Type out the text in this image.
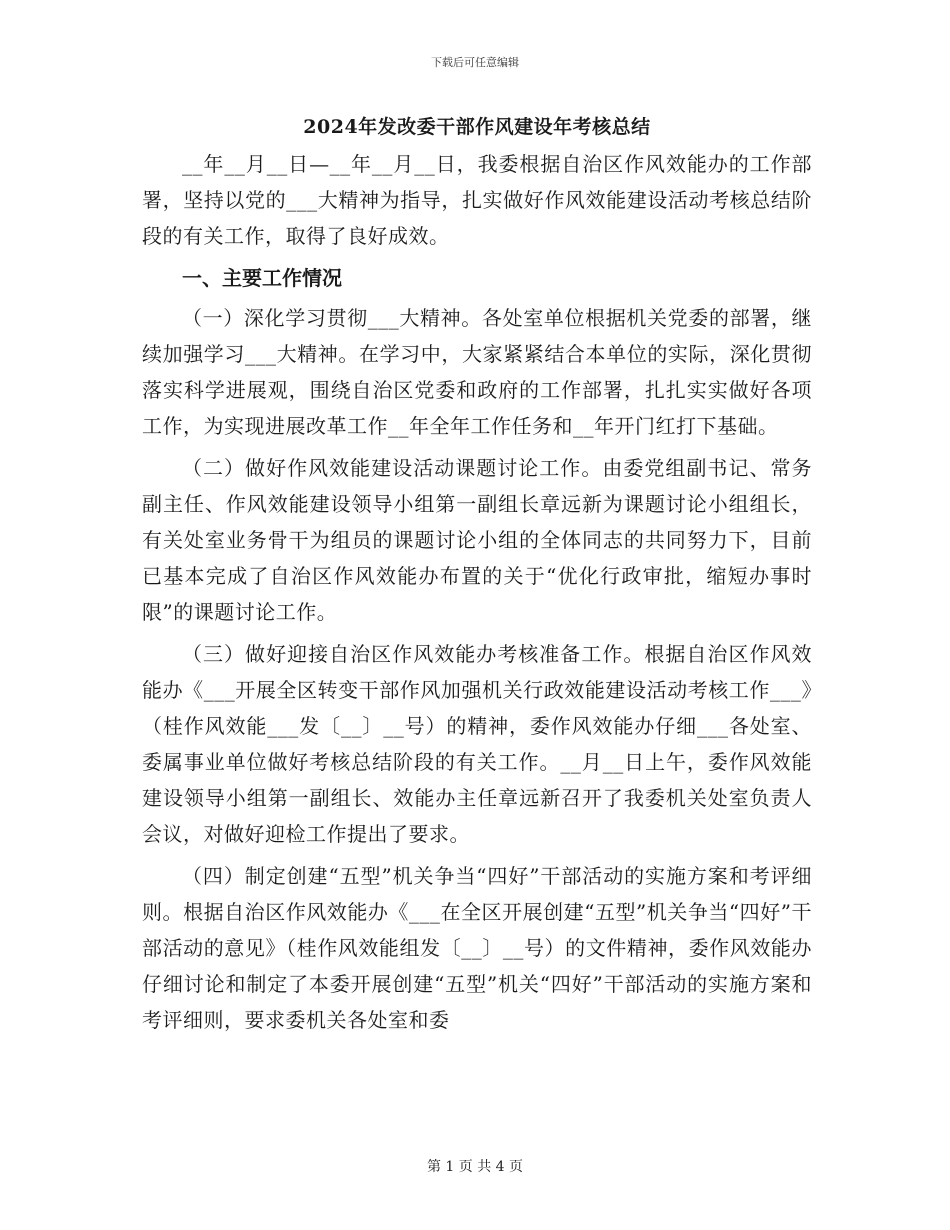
下载后可任意编辑
2024年发改委干部作风建设年考核总结

__年__月__日—__年__月__日，我委根据自治区作风效能办的工作部署，坚持以党的___大精神为指导，扎实做好作风效能建设活动考核总结阶段的有关工作，取得了良好成效。

一、主要工作情况

（一）深化学习贯彻___大精神。各处室单位根据机关党委的部署，继续加强学习___大精神。在学习中，大家紧紧结合本单位的实际，深化贯彻落实科学进展观，围绕自治区党委和政府的工作部署，扎扎实实做好各项工作，为实现进展改革工作__年全年工作任务和__年开门红打下基础。

（二）做好作风效能建设活动课题讨论工作。由委党组副书记、常务副主任、作风效能建设领导小组第一副组长章远新为课题讨论小组组长，有关处室业务骨干为组员的课题讨论小组的全体同志的共同努力下，目前已基本完成了自治区作风效能办布置的关于“优化行政审批，缩短办事时限”的课题讨论工作。

（三）做好迎接自治区作风效能办考核准备工作。根据自治区作风效能办《___开展全区转变干部作风加强机关行政效能建设活动考核工作___》（桂作风效能___发〔__〕__号）的精神，委作风效能办仔细___各处室、委属事业单位做好考核总结阶段的有关工作。__月__日上午，委作风效能建设领导小组第一副组长、效能办主任章远新召开了我委机关处室负责人会议，对做好迎检工作提出了要求。

（四）制定创建“五型”机关争当“四好”干部活动的实施方案和考评细则。根据自治区作风效能办《___在全区开展创建“五型”机关争当“四好”干部活动的意见》（桂作风效能组发〔__〕__号）的文件精神，委作风效能办仔细讨论和制定了本委开展创建“五型”机关“四好”干部活动的实施方案和考评细则，要求委机关各处室和委

第 1 页 共 4 页
